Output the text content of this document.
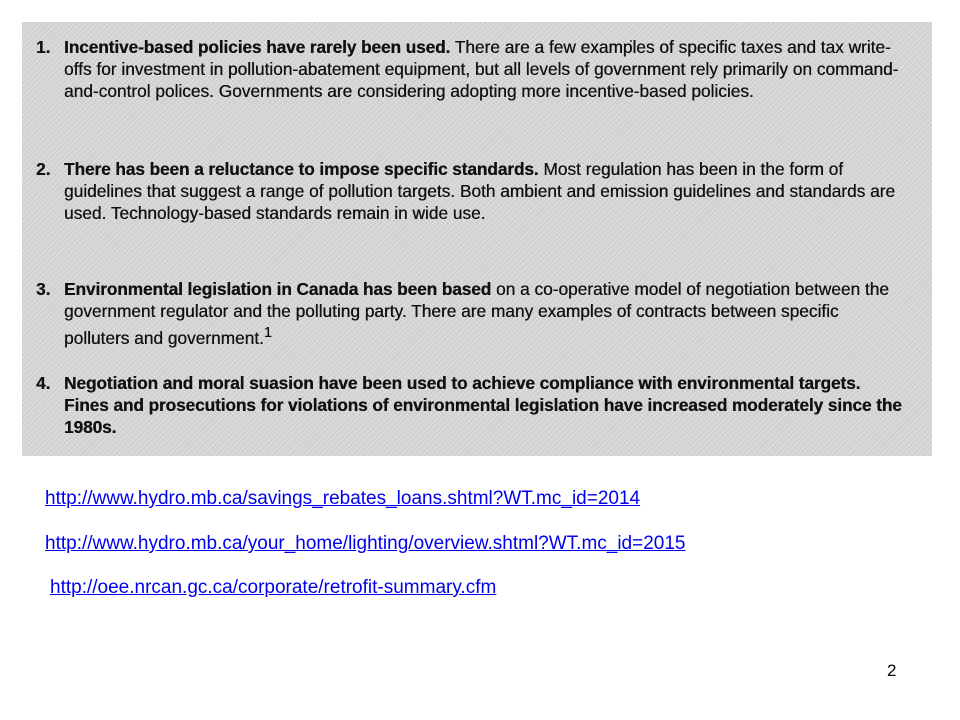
1. Incentive-based policies have rarely been used. There are a few examples of specific taxes and tax write-offs for investment in pollution-abatement equipment, but all levels of government rely primarily on command-and-control polices. Governments are considering adopting more incentive-based policies.
2. There has been a reluctance to impose specific standards. Most regulation has been in the form of guidelines that suggest a range of pollution targets. Both ambient and emission guidelines and standards are used. Technology-based standards remain in wide use.
3. Environmental legislation in Canada has been based on a co-operative model of negotiation between the government regulator and the polluting party. There are many examples of contracts between specific polluters and government.$^1$
4. Negotiation and moral suasion have been used to achieve compliance with environmental targets. Fines and prosecutions for violations of environmental legislation have increased moderately since the 1980s.
http://www.hydro.mb.ca/savings_rebates_loans.shtml?WT.mc_id=2014
http://www.hydro.mb.ca/your_home/lighting/overview.shtml?WT.mc_id=2015
http://oee.nrcan.gc.ca/corporate/retrofit-summary.cfm
2
